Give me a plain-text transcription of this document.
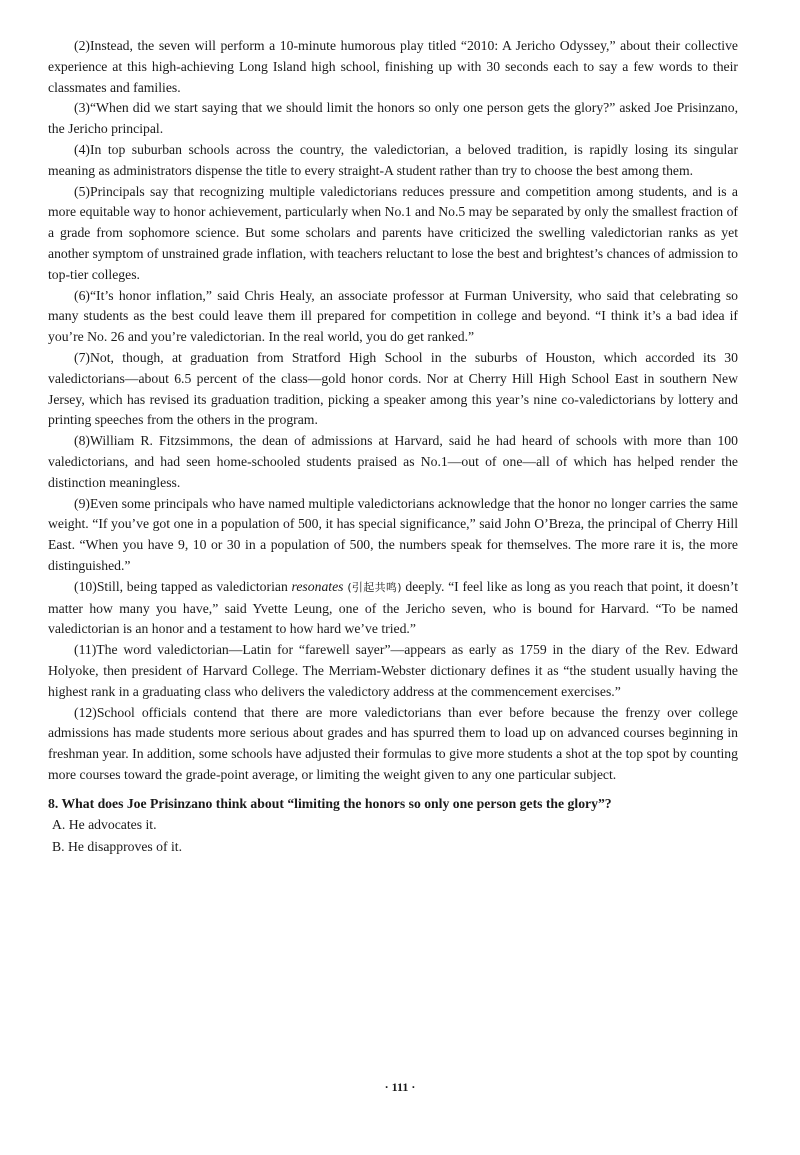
(2)Instead, the seven will perform a 10-minute humorous play titled “2010: A Jericho Odyssey,” about their collective experience at this high-achieving Long Island high school, finishing up with 30 seconds each to say a few words to their classmates and families.

(3)“When did we start saying that we should limit the honors so only one person gets the glory?” asked Joe Prisinzano, the Jericho principal.

(4)In top suburban schools across the country, the valedictorian, a beloved tradition, is rapidly losing its singular meaning as administrators dispense the title to every straight-A student rather than try to choose the best among them.

(5)Principals say that recognizing multiple valedictorians reduces pressure and competition among students, and is a more equitable way to honor achievement, particularly when No.1 and No.5 may be separated by only the smallest fraction of a grade from sophomore science. But some scholars and parents have criticized the swelling valedictorian ranks as yet another symptom of unstrained grade inflation, with teachers reluctant to lose the best and brightest’s chances of admission to top-tier colleges.

(6)“It’s honor inflation,” said Chris Healy, an associate professor at Furman University, who said that celebrating so many students as the best could leave them ill prepared for competition in college and beyond. “I think it’s a bad idea if you’re No. 26 and you’re valedictorian. In the real world, you do get ranked.”

(7)Not, though, at graduation from Stratford High School in the suburbs of Houston, which accorded its 30 valedictorians—about 6.5 percent of the class—gold honor cords. Nor at Cherry Hill High School East in southern New Jersey, which has revised its graduation tradition, picking a speaker among this year’s nine co-valedictorians by lottery and printing speeches from the others in the program.

(8)William R. Fitzsimmons, the dean of admissions at Harvard, said he had heard of schools with more than 100 valedictorians, and had seen home-schooled students praised as No.1—out of one—all of which has helped render the distinction meaningless.

(9)Even some principals who have named multiple valedictorians acknowledge that the honor no longer carries the same weight. “If you’ve got one in a population of 500, it has special significance,” said John O’Breza, the principal of Cherry Hill East. “When you have 9, 10 or 30 in a population of 500, the numbers speak for themselves. The more rare it is, the more distinguished.”

(10)Still, being tapped as valedictorian resonates (引起共鸣) deeply. “I feel like as long as you reach that point, it doesn’t matter how many you have,” said Yvette Leung, one of the Jericho seven, who is bound for Harvard. “To be named valedictorian is an honor and a testament to how hard we’ve tried.”

(11)The word valedictorian—Latin for “farewell sayer”—appears as early as 1759 in the diary of the Rev. Edward Holyoke, then president of Harvard College. The Merriam-Webster dictionary defines it as “the student usually having the highest rank in a graduating class who delivers the valedictory address at the commencement exercises.”

(12)School officials contend that there are more valedictorians than ever before because the frenzy over college admissions has made students more serious about grades and has spurred them to load up on advanced courses beginning in freshman year. In addition, some schools have adjusted their formulas to give more students a shot at the top spot by counting more courses toward the grade-point average, or limiting the weight given to any one particular subject.

8. What does Joe Prisinzano think about “limiting the honors so only one person gets the glory”?

A. He advocates it.

B. He disapproves of it.

· 111 ·
